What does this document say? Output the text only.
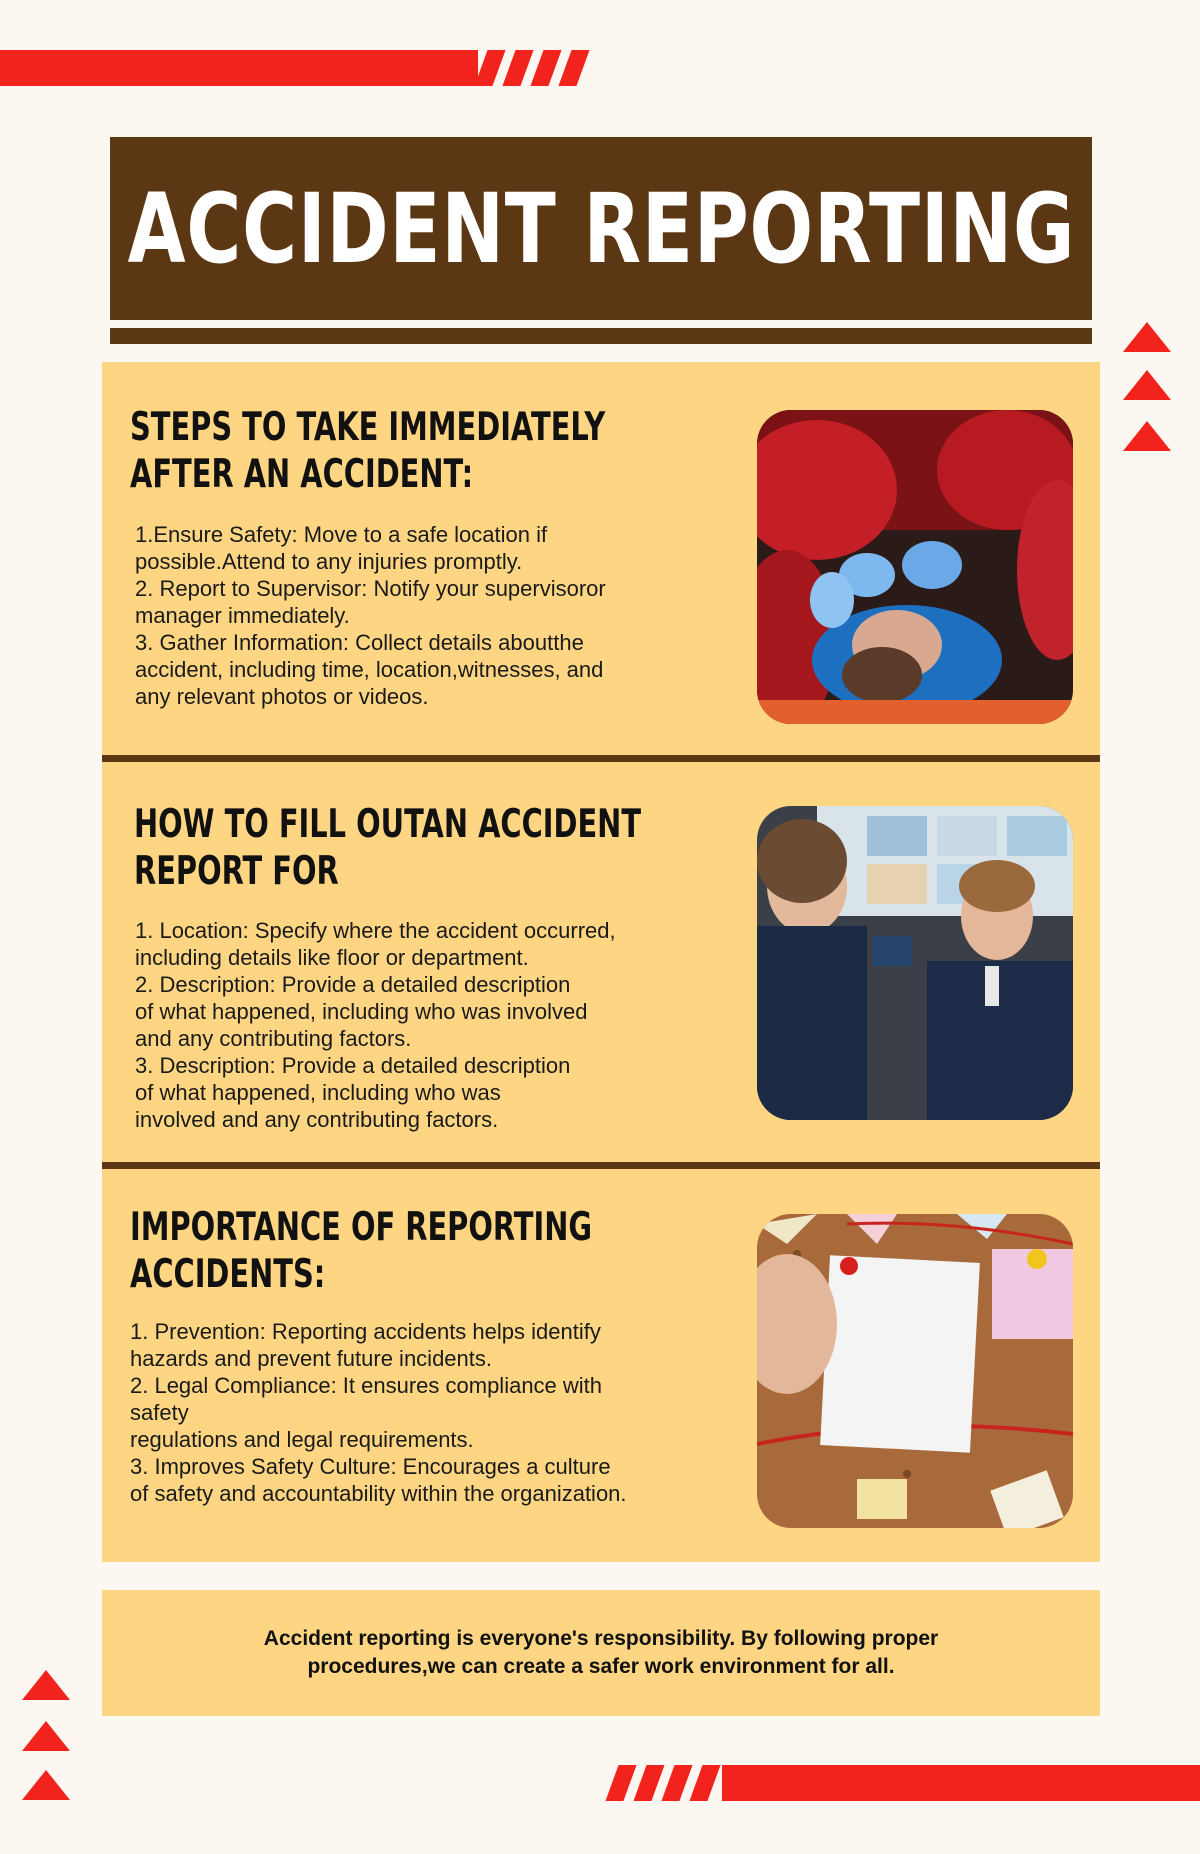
ACCIDENT REPORTING

STEPS TO TAKE IMMEDIATELY

AFTER AN ACCIDENT:

1.Ensure Safety: Move to a safe location if

possible.Attend to any injuries promptly.

2. Report to Supervisor: Notify your supervisoror

manager immediately.

3. Gather Information: Collect details aboutthe

accident, including time, location,witnesses, and

any relevant photos or videos.

HOW TO FILL OUTAN ACCIDENT

REPORT FOR

1. Location: Specify where the accident occurred,

including details like floor or department.

2. Description: Provide a detailed description

of what happened, including who was involved

and any contributing factors.

3. Description: Provide a detailed description

of what happened, including who was

involved and any contributing factors.

IMPORTANCE OF REPORTING

ACCIDENTS:

1. Prevention: Reporting accidents helps identify

hazards and prevent future incidents.

2. Legal Compliance: It ensures compliance with

safety

regulations and legal requirements.

3. Improves Safety Culture: Encourages a culture

of safety and accountability within the organization.

Accident reporting is everyone's responsibility. By following proper

procedures,we can create a safer work environment for all.
